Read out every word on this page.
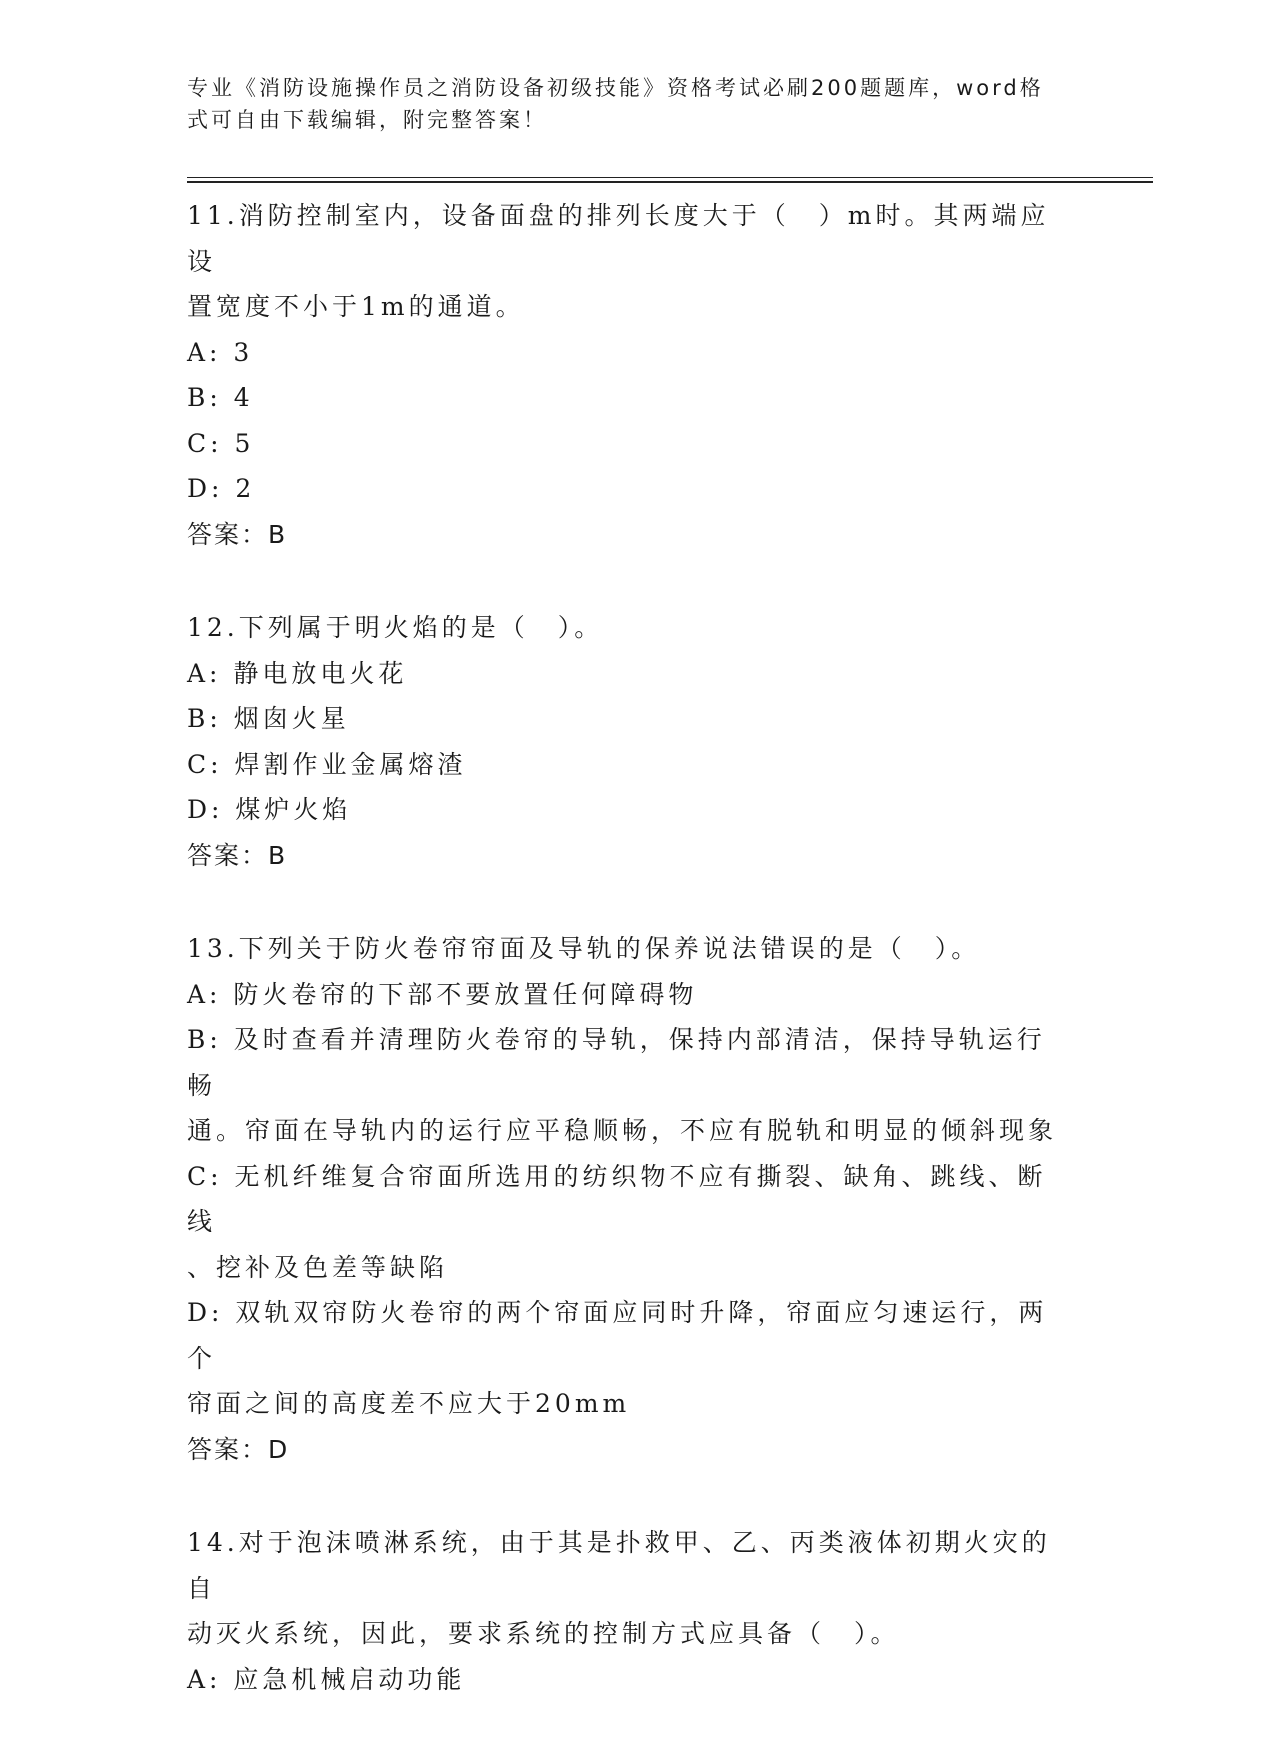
专业《消防设施操作员之消防设备初级技能》资格考试必刷200题题库，word格
式可自由下载编辑，附完整答案！

11.消防控制室内，设备面盘的排列长度大于（　）m时。其两端应设

置宽度不小于1m的通道。

A: 3

B: 4

C: 5

D: 2

答案：B

12.下列属于明火焰的是（　）。

A: 静电放电火花

B: 烟囱火星

C: 焊割作业金属熔渣

D: 煤炉火焰

答案：B

13.下列关于防火卷帘帘面及导轨的保养说法错误的是（　）。

A: 防火卷帘的下部不要放置任何障碍物

B: 及时查看并清理防火卷帘的导轨，保持内部清洁，保持导轨运行畅
通。帘面在导轨内的运行应平稳顺畅，不应有脱轨和明显的倾斜现象

C: 无机纤维复合帘面所选用的纺织物不应有撕裂、缺角、跳线、断线
、挖补及色差等缺陷

D: 双轨双帘防火卷帘的两个帘面应同时升降，帘面应匀速运行，两个
帘面之间的高度差不应大于20mm

答案：D

14.对于泡沫喷淋系统，由于其是扑救甲、乙、丙类液体初期火灾的自

动灭火系统，因此，要求系统的控制方式应具备（　）。

A: 应急机械启动功能
